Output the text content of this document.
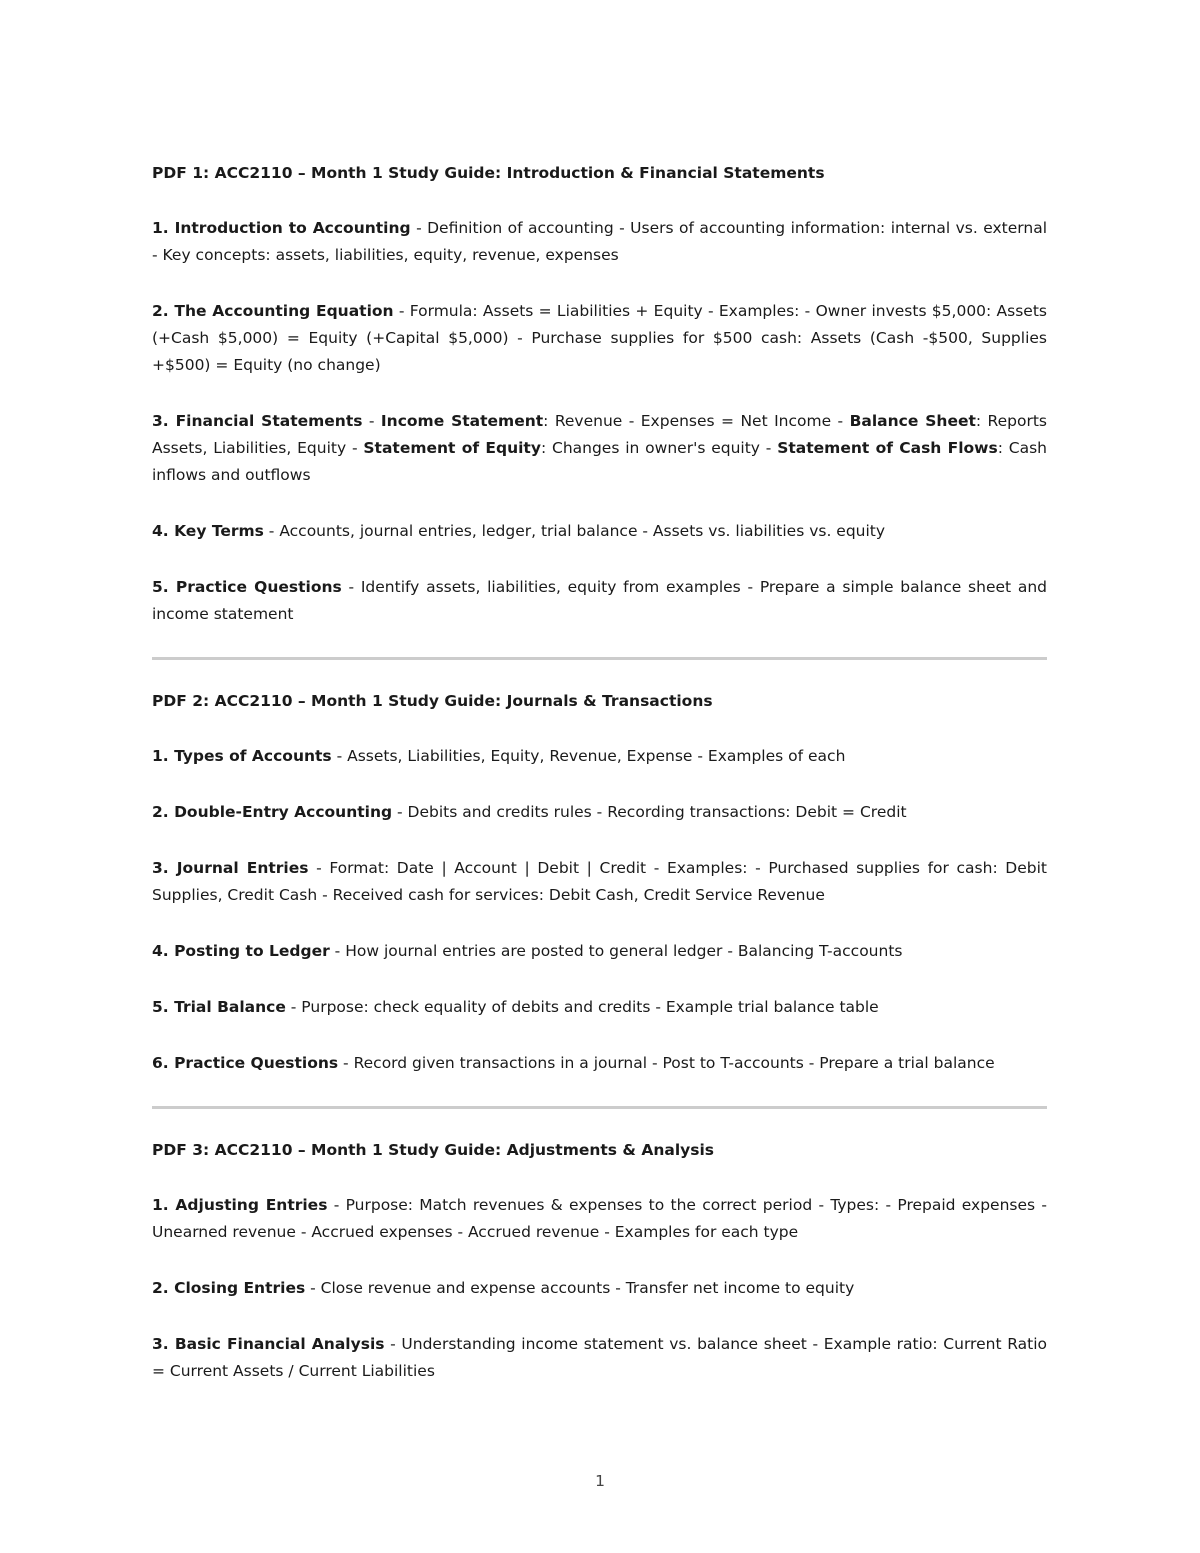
PDF 1: ACC2110 – Month 1 Study Guide: Introduction & Financial Statements
1. Introduction to Accounting - Definition of accounting - Users of accounting information: internal vs. external - Key concepts: assets, liabilities, equity, revenue, expenses
2. The Accounting Equation - Formula: Assets = Liabilities + Equity - Examples: - Owner invests $5,000: Assets (+Cash $5,000) = Equity (+Capital $5,000) - Purchase supplies for $500 cash: Assets (Cash -$500, Supplies +$500) = Equity (no change)
3. Financial Statements - Income Statement: Revenue - Expenses = Net Income - Balance Sheet: Reports Assets, Liabilities, Equity - Statement of Equity: Changes in owner's equity - Statement of Cash Flows: Cash inflows and outflows
4. Key Terms - Accounts, journal entries, ledger, trial balance - Assets vs. liabilities vs. equity
5. Practice Questions - Identify assets, liabilities, equity from examples - Prepare a simple balance sheet and income statement
PDF 2: ACC2110 – Month 1 Study Guide: Journals & Transactions
1. Types of Accounts - Assets, Liabilities, Equity, Revenue, Expense - Examples of each
2. Double-Entry Accounting - Debits and credits rules - Recording transactions: Debit = Credit
3. Journal Entries - Format: Date | Account | Debit | Credit - Examples: - Purchased supplies for cash: Debit Supplies, Credit Cash - Received cash for services: Debit Cash, Credit Service Revenue
4. Posting to Ledger - How journal entries are posted to general ledger - Balancing T-accounts
5. Trial Balance - Purpose: check equality of debits and credits - Example trial balance table
6. Practice Questions - Record given transactions in a journal - Post to T-accounts - Prepare a trial balance
PDF 3: ACC2110 – Month 1 Study Guide: Adjustments & Analysis
1. Adjusting Entries - Purpose: Match revenues & expenses to the correct period - Types: - Prepaid expenses - Unearned revenue - Accrued expenses - Accrued revenue - Examples for each type
2. Closing Entries - Close revenue and expense accounts - Transfer net income to equity
3. Basic Financial Analysis - Understanding income statement vs. balance sheet - Example ratio: Current Ratio = Current Assets / Current Liabilities
1
